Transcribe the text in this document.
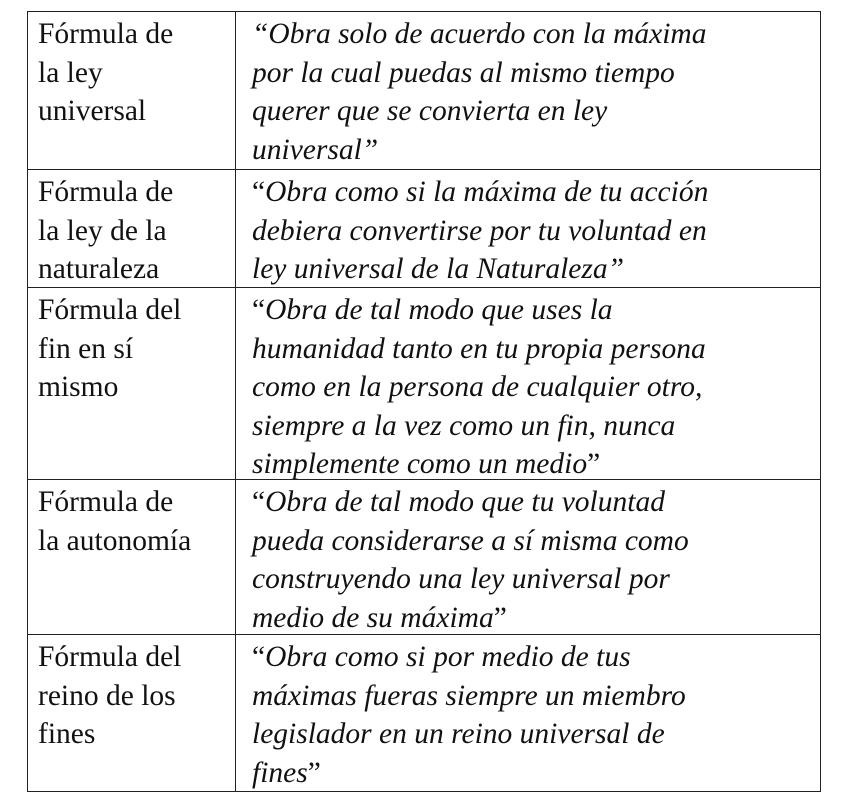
Fórmula de
la ley
universal
“Obra solo de acuerdo con la máxima
por la cual puedas al mismo tiempo
querer que se convierta en ley
universal”
Fórmula de
la ley de la
naturaleza
“Obra como si la máxima de tu acción
debiera convertirse por tu voluntad en
ley universal de la Naturaleza”
Fórmula del
fin en sí
mismo
“Obra de tal modo que uses la
humanidad tanto en tu propia persona
como en la persona de cualquier otro,
siempre a la vez como un fin, nunca
simplemente como un medio”
Fórmula de
la autonomía
“Obra de tal modo que tu voluntad
pueda considerarse a sí misma como
construyendo una ley universal por
medio de su máxima”
Fórmula del
reino de los
fines
“Obra como si por medio de tus
máximas fueras siempre un miembro
legislador en un reino universal de
fines”
